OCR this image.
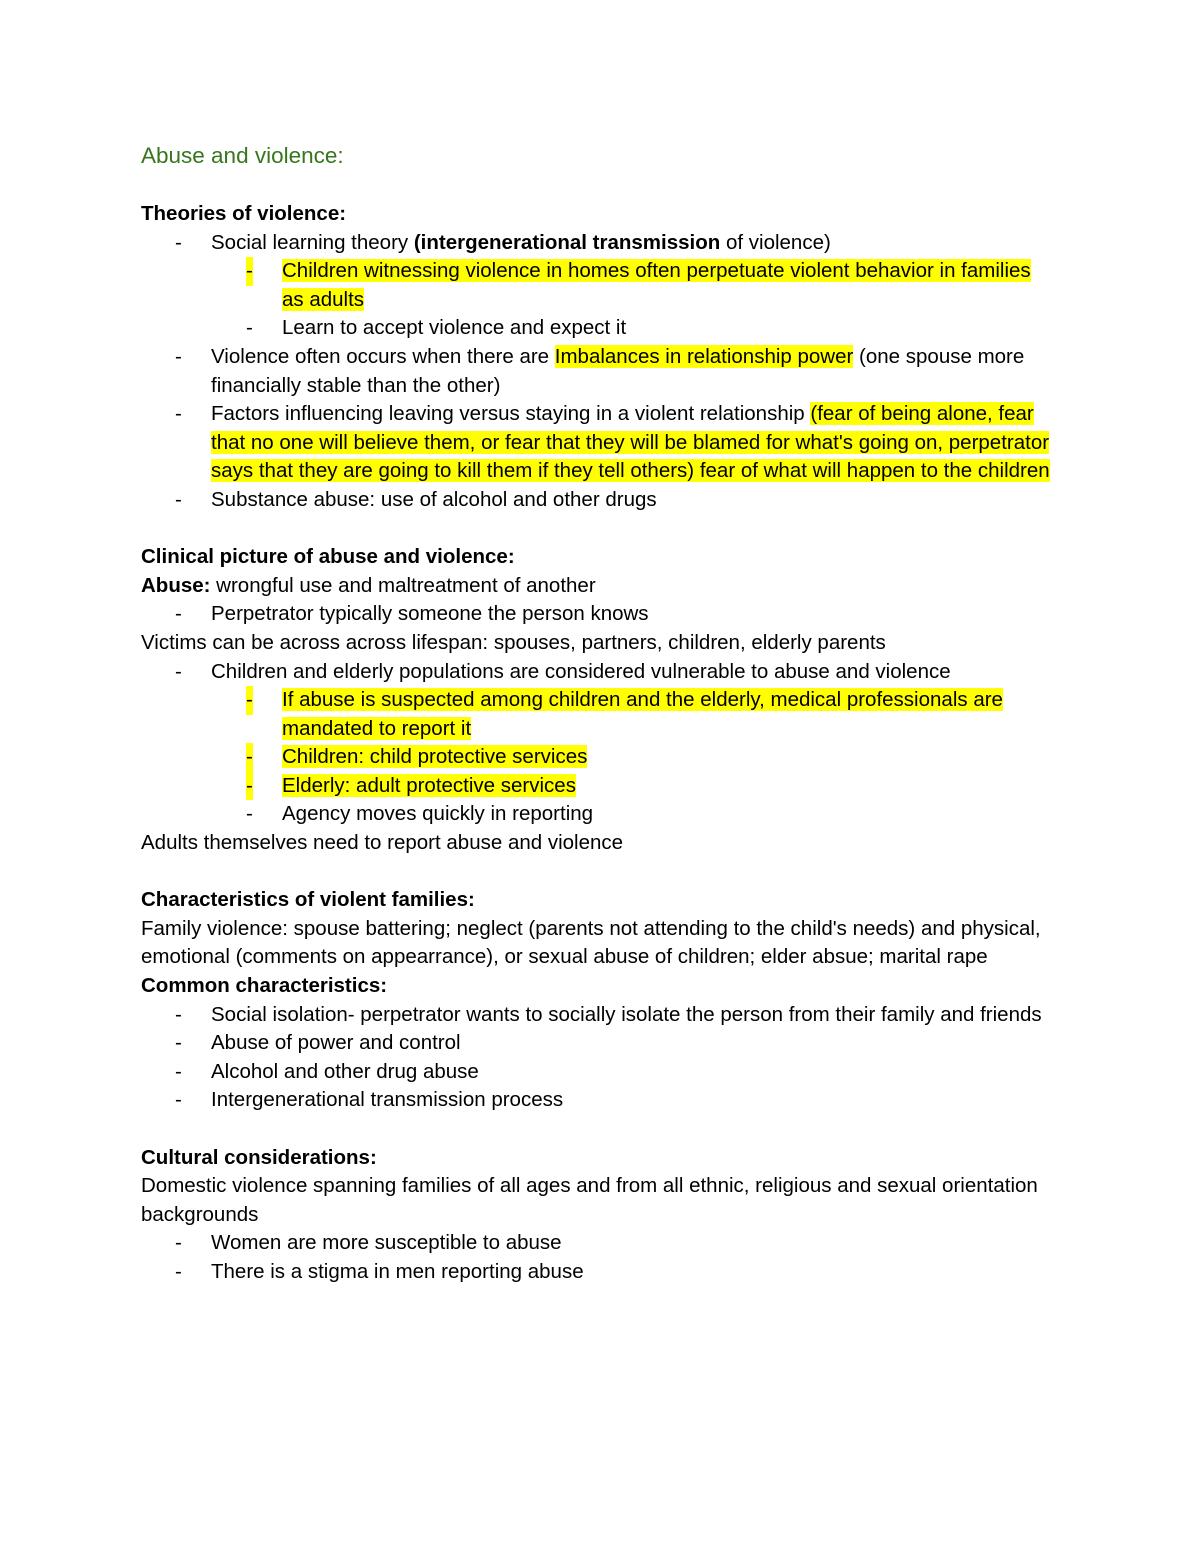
Abuse and violence:
Theories of violence:
- Social learning theory (intergenerational transmission of violence)
- Children witnessing violence in homes often perpetuate violent behavior in families as adults
- Learn to accept violence and expect it
- Violence often occurs when there are Imbalances in relationship power (one spouse more financially stable than the other)
- Factors influencing leaving versus staying in a violent relationship (fear of being alone, fear that no one will believe them, or fear that they will be blamed for what's going on, perpetrator says that they are going to kill them if they tell others) fear of what will happen to the children
- Substance abuse: use of alcohol and other drugs
Clinical picture of abuse and violence:
Abuse: wrongful use and maltreatment of another
- Perpetrator typically someone the person knows
Victims can be across across lifespan: spouses, partners, children, elderly parents
- Children and elderly populations are considered vulnerable to abuse and violence
- If abuse is suspected among children and the elderly, medical professionals are mandated to report it
- Children: child protective services
- Elderly: adult protective services
- Agency moves quickly in reporting
Adults themselves need to report abuse and violence
Characteristics of violent families:
Family violence: spouse battering; neglect (parents not attending to the child's needs) and physical, emotional (comments on appearrance), or sexual abuse of children; elder absue; marital rape
Common characteristics:
- Social isolation- perpetrator wants to socially isolate the person from their family and friends
- Abuse of power and control
- Alcohol and other drug abuse
- Intergenerational transmission process
Cultural considerations:
Domestic violence spanning families of all ages and from all ethnic, religious and sexual orientation backgrounds
- Women are more susceptible to abuse
- There is a stigma in men reporting abuse
